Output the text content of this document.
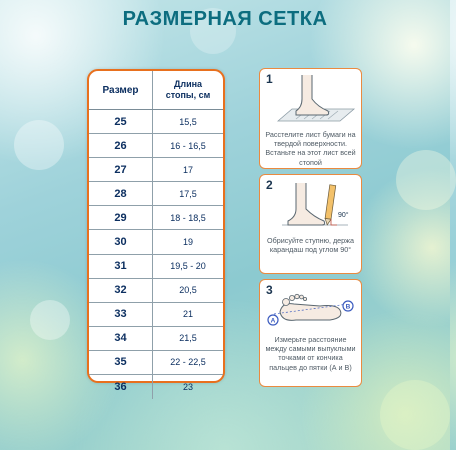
РАЗМЕРНАЯ СЕТКА
Размер
Длина
стопы, см
25	15,5
26	16 - 16,5
27	17
28	17,5
29	18 - 18,5
30	19
31	19,5 - 20
32	20,5
33	21
34	21,5
35	22 - 22,5
36	23
1
Расстелите лист бумаги на твердой поверхности. Встаньте на этот лист всей стопой
90°
2
Обрисуйте ступню, держа карандаш под углом 90°
A
B
3
Измерьте расстояние между самыми выпуклыми точками от кончика пальцев до пятки (А и В)
